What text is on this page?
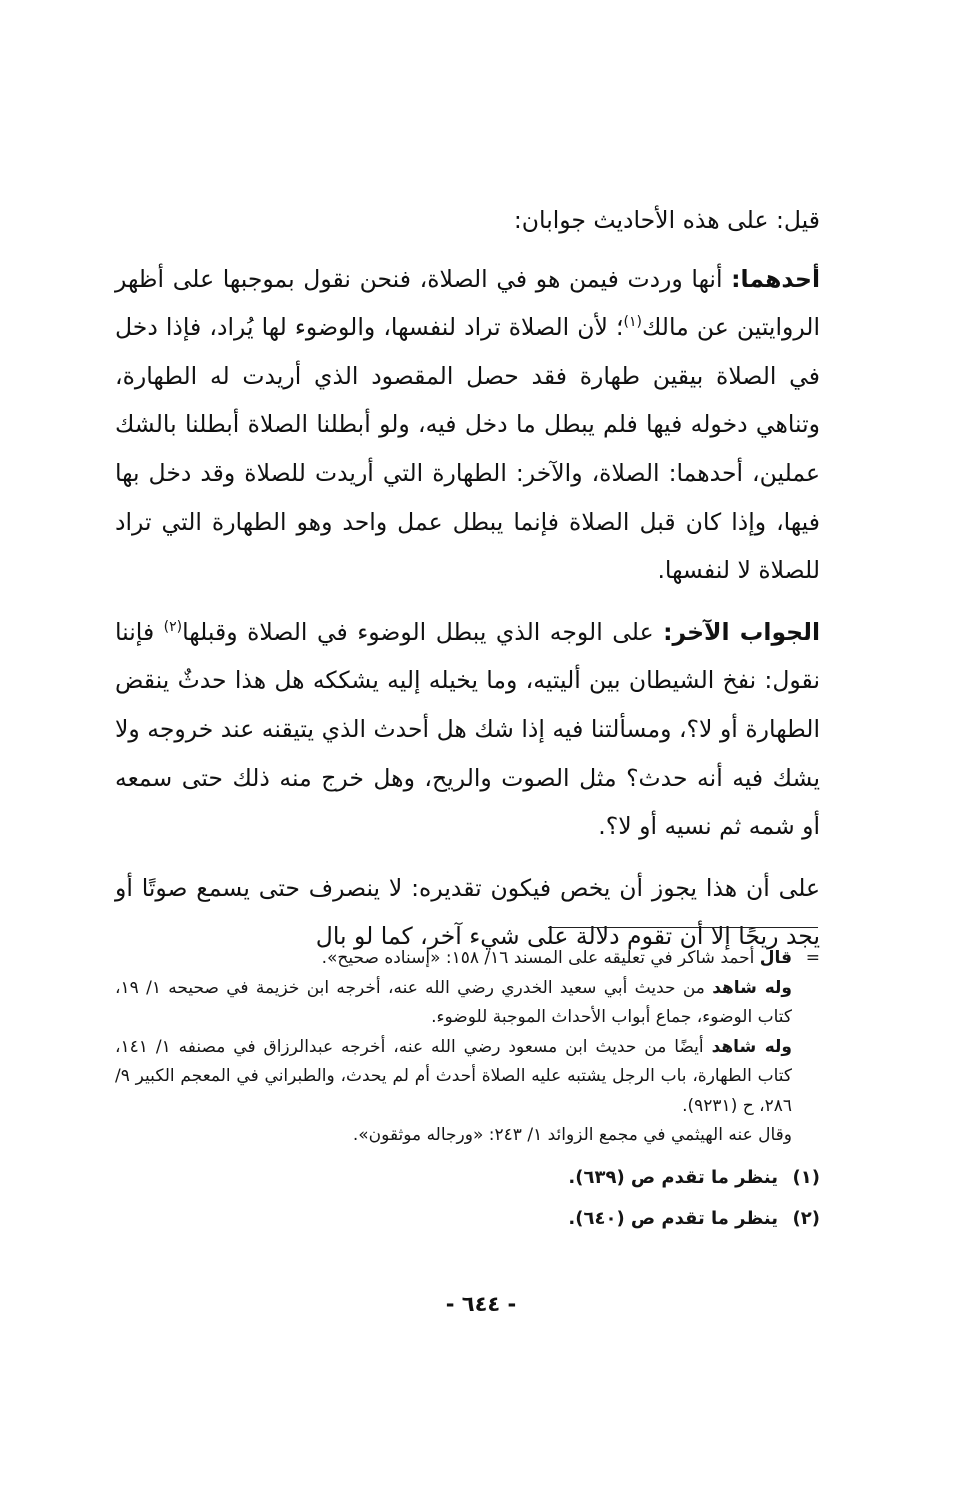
قيل: على هذه الأحاديث جوابان:

أحدهما: أنها وردت فيمن هو في الصلاة، فنحن نقول بموجبها على أظهر الروايتين عن مالك$^{(١)}$؛ لأن الصلاة تراد لنفسها، والوضوء لها يُراد، فإذا دخل في الصلاة بيقين طهارة فقد حصل المقصود الذي أريدت له الطهارة، وتناهي دخوله فيها فلم يبطل ما دخل فيه، ولو أبطلنا الصلاة أبطلنا بالشك عملين، أحدهما: الصلاة، والآخر: الطهارة التي أريدت للصلاة وقد دخل بها فيها، وإذا كان قبل الصلاة فإنما يبطل عمل واحد وهو الطهارة التي تراد للصلاة لا لنفسها.

الجواب الآخر: على الوجه الذي يبطل الوضوء في الصلاة وقبلها$^{(٢)}$ فإننا نقول: نفخ الشيطان بين أليتيه، وما يخيله إليه يشككه هل هذا حدثٌ ينقض الطهارة أو لا؟، ومسألتنا فيه إذا شك هل أحدث الذي يتيقنه عند خروجه ولا يشك فيه أنه حدث؟ مثل الصوت والريح، وهل خرج منه ذلك حتى سمعه أو شمه ثم نسيه أو لا؟.

على أن هذا يجوز أن يخص فيكون تقديره: لا ينصرف حتى يسمع صوتًا أو يجد ريحًا إلا أن تقوم دلالة على شيء آخر، كما لو بال

=

قال أحمد شاكر في تعليقه على المسند ١٦/ ١٥٨: «إسناده صحيح».

وله شاهد من حديث أبي سعيد الخدري رضي الله عنه، أخرجه ابن خزيمة في صحيحه ١/ ١٩، كتاب الوضوء، جماع أبواب الأحداث الموجبة للوضوء.

وله شاهد أيضًا من حديث ابن مسعود رضي الله عنه، أخرجه عبدالرزاق في مصنفه ١/ ١٤١، كتاب الطهارة، باب الرجل يشتبه عليه الصلاة أحدث أم لم يحدث، والطبراني في المعجم الكبير ٩/ ٢٨٦، ح (٩٢٣١).

وقال عنه الهيثمي في مجمع الزوائد ١/ ٢٤٣: «ورجاله موثقون».

(١)
ينظر ما تقدم ص (٦٣٩).
(٢)
ينظر ما تقدم ص (٦٤٠).
- ٦٤٤ -
